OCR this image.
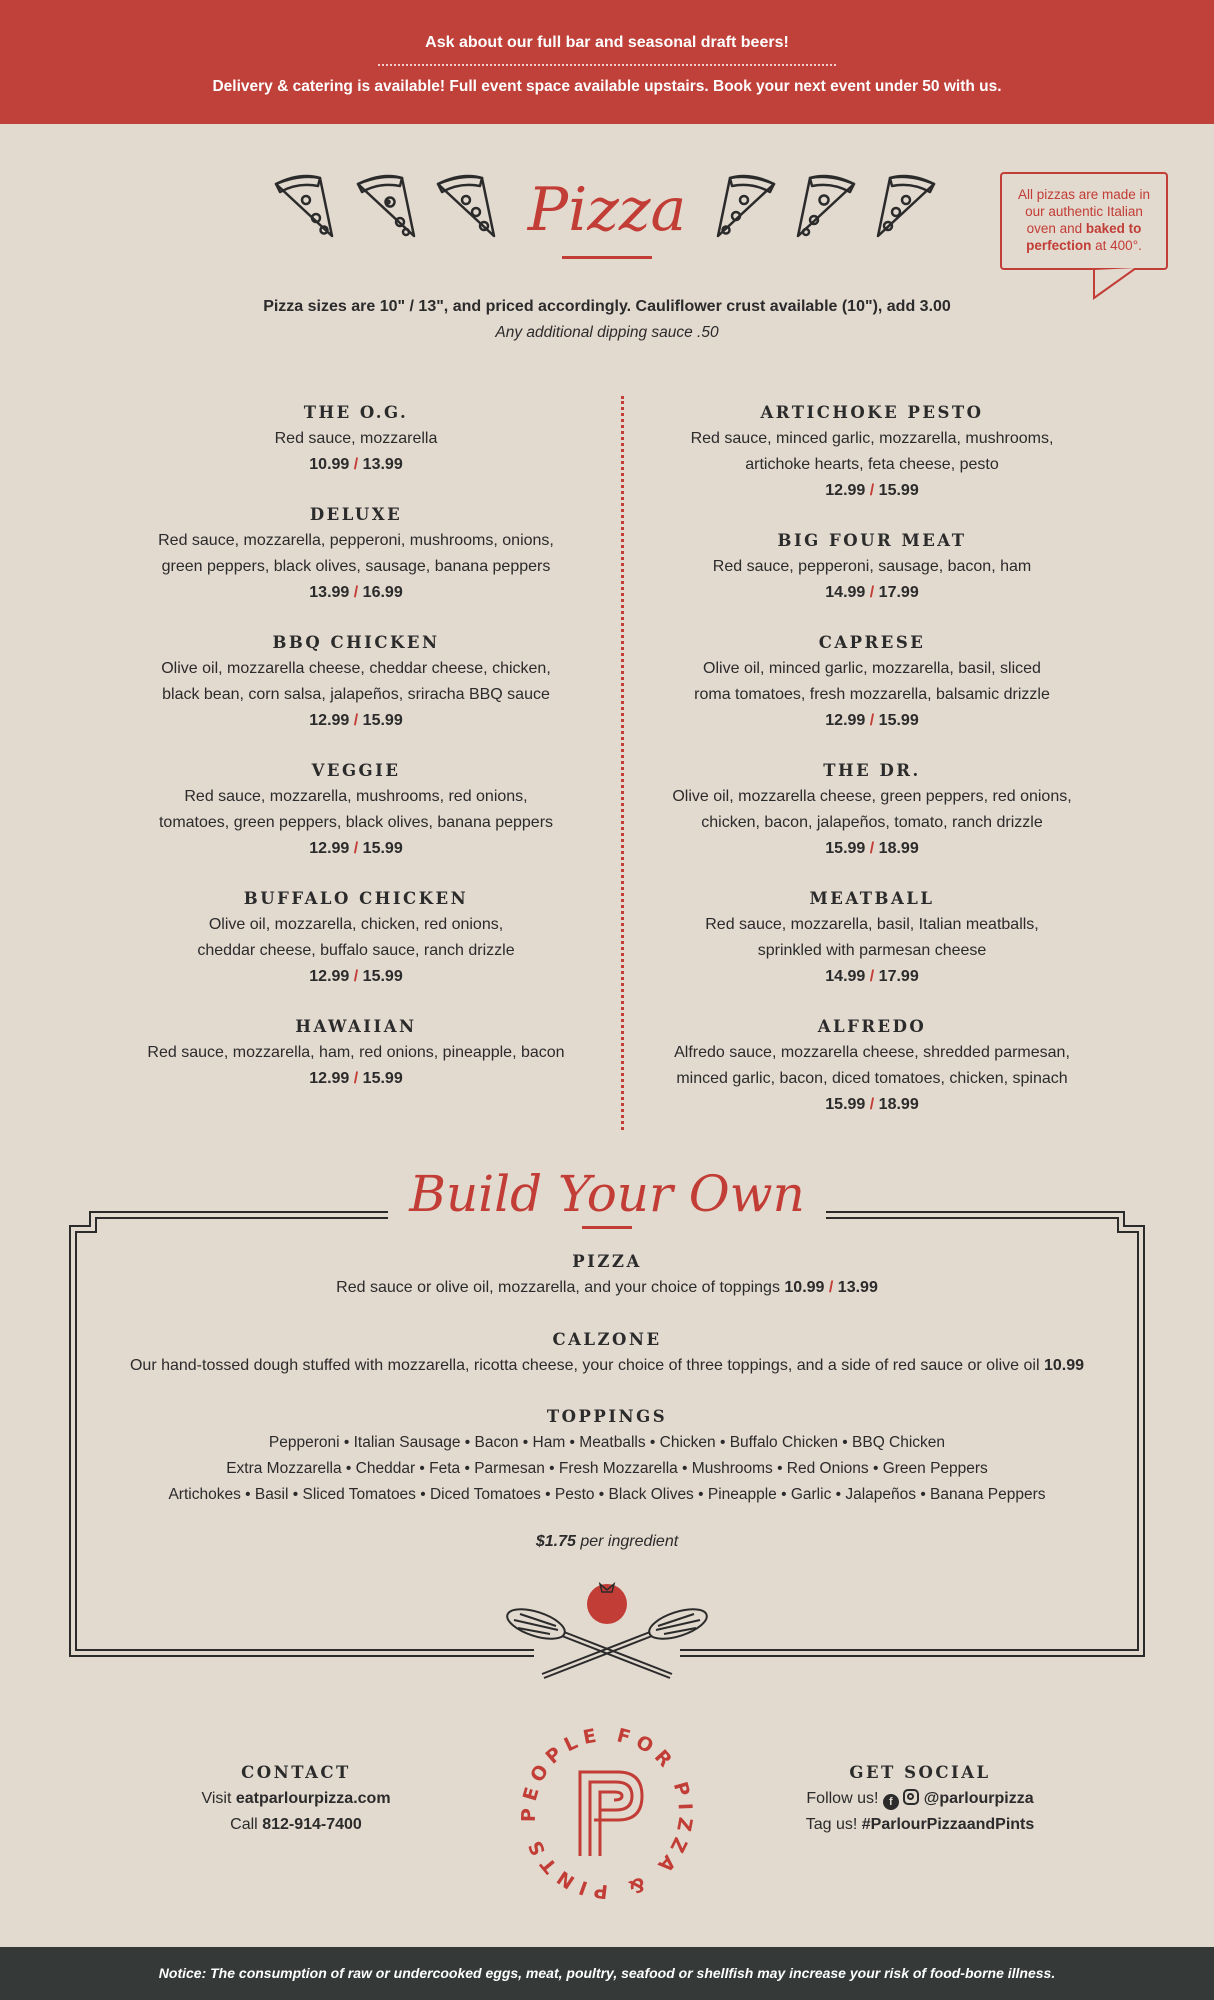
Ask about our full bar and seasonal draft beers!
Delivery & catering is available! Full event space available upstairs. Book your next event under 50 with us.
Pizza	All pizzas are made in our authentic Italian oven and baked to perfection at 400°.
Pizza sizes are 10" / 13", and priced accordingly. Cauliflower crust available (10"), add 3.00
Any additional dipping sauce .50
THE O.G.
Red sauce, mozzarella
10.99 / 13.99
DELUXE
Red sauce, mozzarella, pepperoni, mushrooms, onions,
green peppers, black olives, sausage, banana peppers
13.99 / 16.99
BBQ CHICKEN
Olive oil, mozzarella cheese, cheddar cheese, chicken,
black bean, corn salsa, jalapeños, sriracha BBQ sauce
12.99 / 15.99
VEGGIE
Red sauce, mozzarella, mushrooms, red onions,
tomatoes, green peppers, black olives, banana peppers
12.99 / 15.99
BUFFALO CHICKEN
Olive oil, mozzarella, chicken, red onions,
cheddar cheese, buffalo sauce, ranch drizzle
12.99 / 15.99
HAWAIIAN
Red sauce, mozzarella, ham, red onions, pineapple, bacon
12.99 / 15.99
ARTICHOKE PESTO
Red sauce, minced garlic, mozzarella, mushrooms,
artichoke hearts, feta cheese, pesto
12.99 / 15.99
BIG FOUR MEAT
Red sauce, pepperoni, sausage, bacon, ham
14.99 / 17.99
CAPRESE
Olive oil, minced garlic, mozzarella, basil, sliced
roma tomatoes, fresh mozzarella, balsamic drizzle
12.99 / 15.99
THE DR.
Olive oil, mozzarella cheese, green peppers, red onions,
chicken, bacon, jalapeños, tomato, ranch drizzle
15.99 / 18.99
MEATBALL
Red sauce, mozzarella, basil, Italian meatballs,
sprinkled with parmesan cheese
14.99 / 17.99
ALFREDO
Alfredo sauce, mozzarella cheese, shredded parmesan,
minced garlic, bacon, diced tomatoes, chicken, spinach
15.99 / 18.99
Build Your Own
PIZZA
Red sauce or olive oil, mozzarella, and your choice of toppings 10.99 / 13.99
CALZONE
Our hand-tossed dough stuffed with mozzarella, ricotta cheese, your choice of three toppings, and a side of red sauce or olive oil 10.99
TOPPINGS
Pepperoni • Italian Sausage • Bacon • Ham • Meatballs • Chicken • Buffalo Chicken • BBQ Chicken
Extra Mozzarella • Cheddar • Feta • Parmesan • Fresh Mozzarella • Mushrooms • Red Onions • Green Peppers
Artichokes • Basil • Sliced Tomatoes • Diced Tomatoes • Pesto • Black Olives • Pineapple • Garlic • Jalapeños • Banana Peppers
$1.75 per ingredient
CONTACT
Visit eatparlourpizza.com
Call 812-914-7400
PEOPLE FOR PIZZA & PINTS
GET SOCIAL
Follow us! f @parlourpizza
Tag us! #ParlourPizzaandPints
Notice: The consumption of raw or undercooked eggs, meat, poultry, seafood or shellfish may increase your risk of food-borne illness.
